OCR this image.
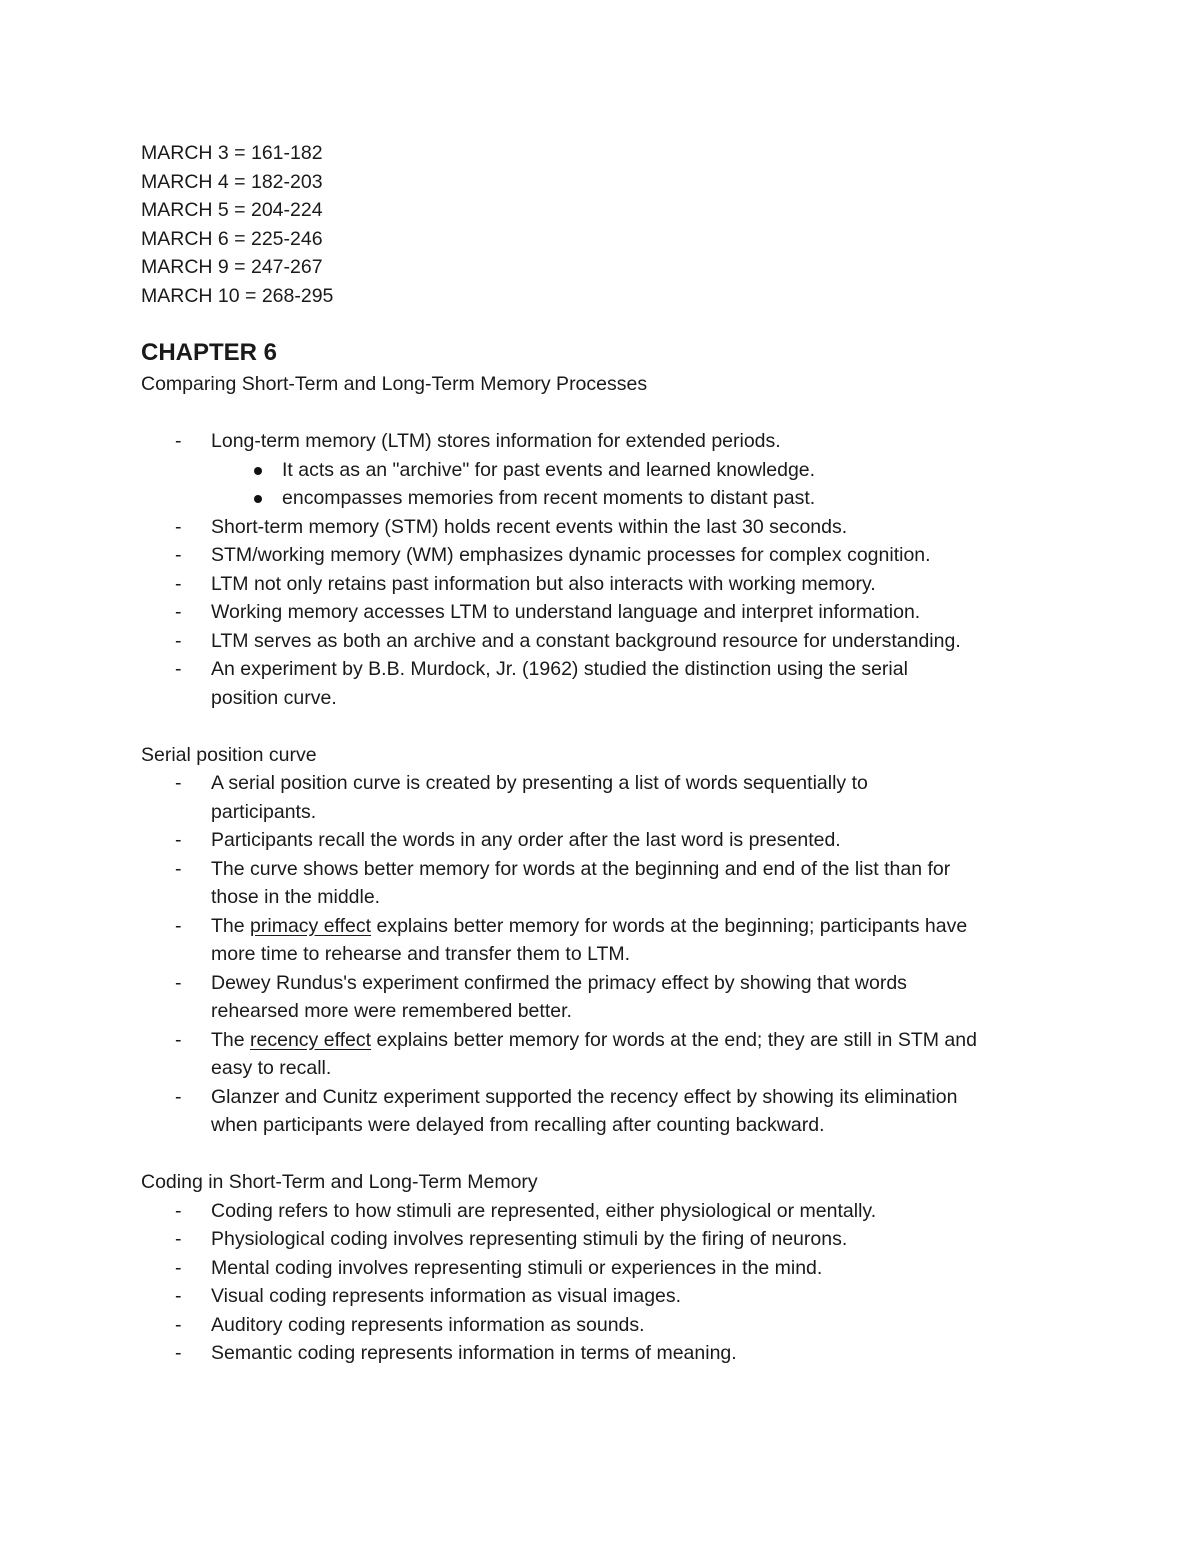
MARCH 3 = 161-182
MARCH 4 = 182-203
MARCH 5 = 204-224
MARCH 6 = 225-246
MARCH 9 = 247-267
MARCH 10 = 268-295
CHAPTER 6
Comparing Short-Term and Long-Term Memory Processes
- Long-term memory (LTM) stores information for extended periods.
It acts as an "archive" for past events and learned knowledge.
encompasses memories from recent moments to distant past.
- Short-term memory (STM) holds recent events within the last 30 seconds.
- STM/working memory (WM) emphasizes dynamic processes for complex cognition.
- LTM not only retains past information but also interacts with working memory.
- Working memory accesses LTM to understand language and interpret information.
- LTM serves as both an archive and a constant background resource for understanding.
- An experiment by B.B. Murdock, Jr. (1962) studied the distinction using the serial
position curve.
Serial position curve
- A serial position curve is created by presenting a list of words sequentially to
participants.
- Participants recall the words in any order after the last word is presented.
- The curve shows better memory for words at the beginning and end of the list than for
those in the middle.
- The primacy effect explains better memory for words at the beginning; participants have
more time to rehearse and transfer them to LTM.
- Dewey Rundus's experiment confirmed the primacy effect by showing that words
rehearsed more were remembered better.
- The recency effect explains better memory for words at the end; they are still in STM and
easy to recall.
- Glanzer and Cunitz experiment supported the recency effect by showing its elimination
when participants were delayed from recalling after counting backward.
Coding in Short-Term and Long-Term Memory
- Coding refers to how stimuli are represented, either physiological or mentally.
- Physiological coding involves representing stimuli by the firing of neurons.
- Mental coding involves representing stimuli or experiences in the mind.
- Visual coding represents information as visual images.
- Auditory coding represents information as sounds.
- Semantic coding represents information in terms of meaning.
